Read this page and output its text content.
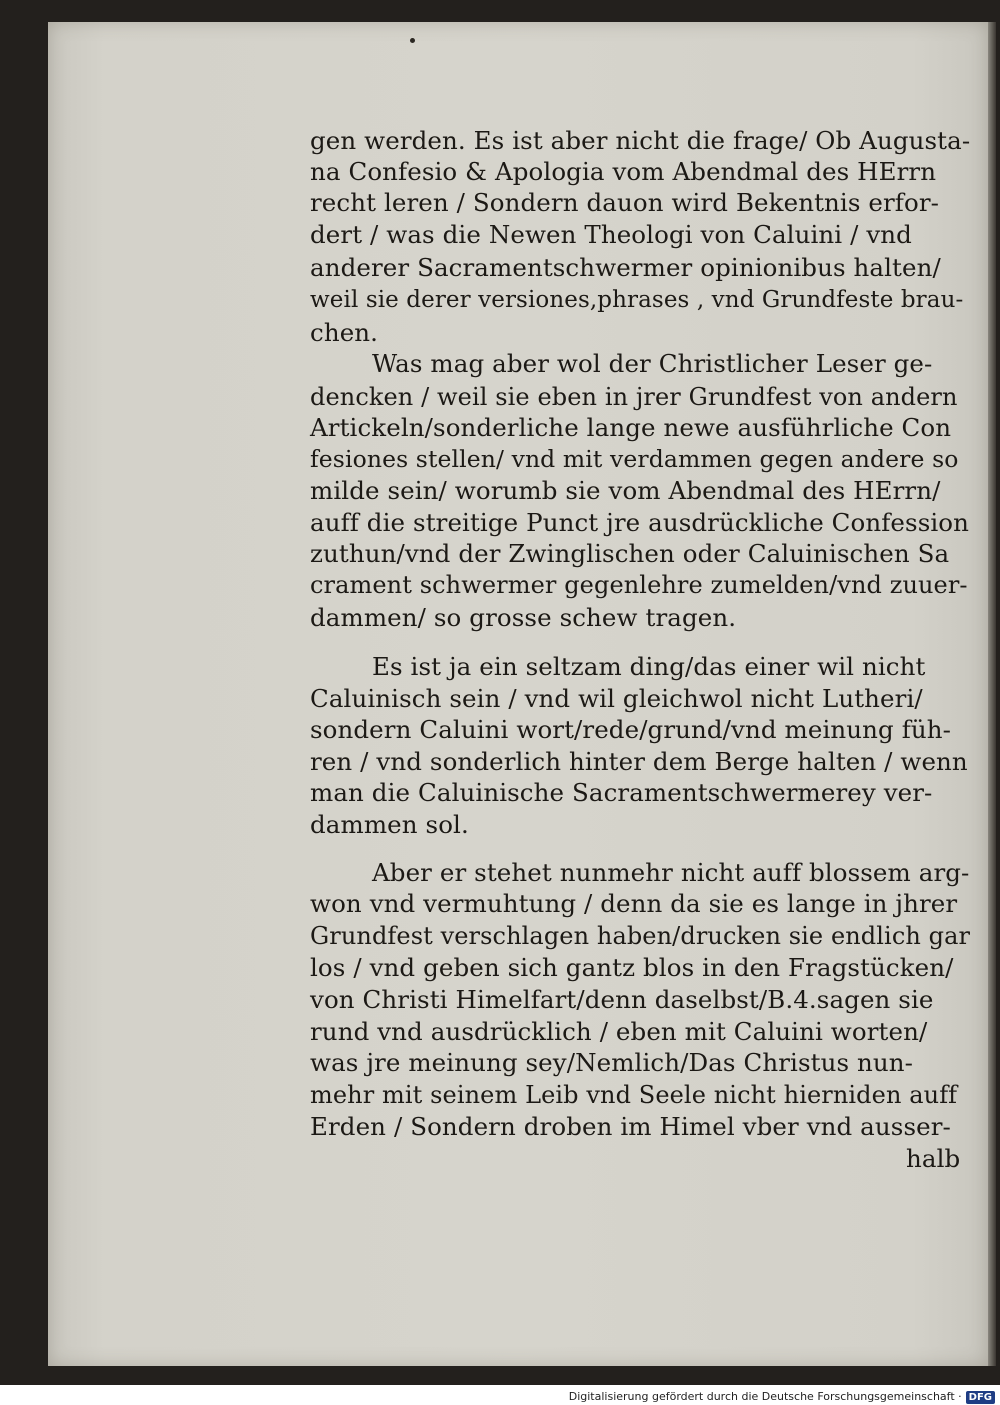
gen werden. Es ist aber nicht die frage/ Ob Augusta-
na Confesio & Apologia vom Abendmal des HErrn
recht leren / Sondern dauon wird Bekentnis erfor-
dert / was die Newen Theologi von Caluini / vnd
anderer Sacramentschwermer opinionibus halten/
weil sie derer versiones,phrases , vnd Grundfeste brau-
chen.
Was mag aber wol der Christlicher Leser ge-
dencken / weil sie eben in jrer Grundfest von andern
Artickeln/sonderliche lange newe ausführliche Con
fesiones stellen/ vnd mit verdammen gegen andere so
milde sein/ worumb sie vom Abendmal des HErrn/
auff die streitige Punct jre ausdrückliche Confession
zuthun/vnd der Zwinglischen oder Caluinischen Sa
crament schwermer gegenlehre zumelden/vnd zuuer-
dammen/ so grosse schew tragen.
Es ist ja ein seltzam ding/das einer wil nicht
Caluinisch sein / vnd wil gleichwol nicht Lutheri/
sondern Caluini wort/rede/grund/vnd meinung füh-
ren / vnd sonderlich hinter dem Berge halten / wenn
man die Caluinische Sacramentschwermerey ver-
dammen sol.
Aber er stehet nunmehr nicht auff blossem arg-
won vnd vermuhtung / denn da sie es lange in jhrer
Grundfest verschlagen haben/drucken sie endlich gar
los / vnd geben sich gantz blos in den Fragstücken/
von Christi Himelfart/denn daselbst/B.4.sagen sie
rund vnd ausdrücklich / eben mit Caluini worten/
was jre meinung sey/Nemlich/Das Christus nun-
mehr mit seinem Leib vnd Seele nicht hierniden auff
Erden / Sondern droben im Himel vber vnd ausser-
halb
Digitalisierung gefördert durch die Deutsche Forschungsgemeinschaft · DFG
